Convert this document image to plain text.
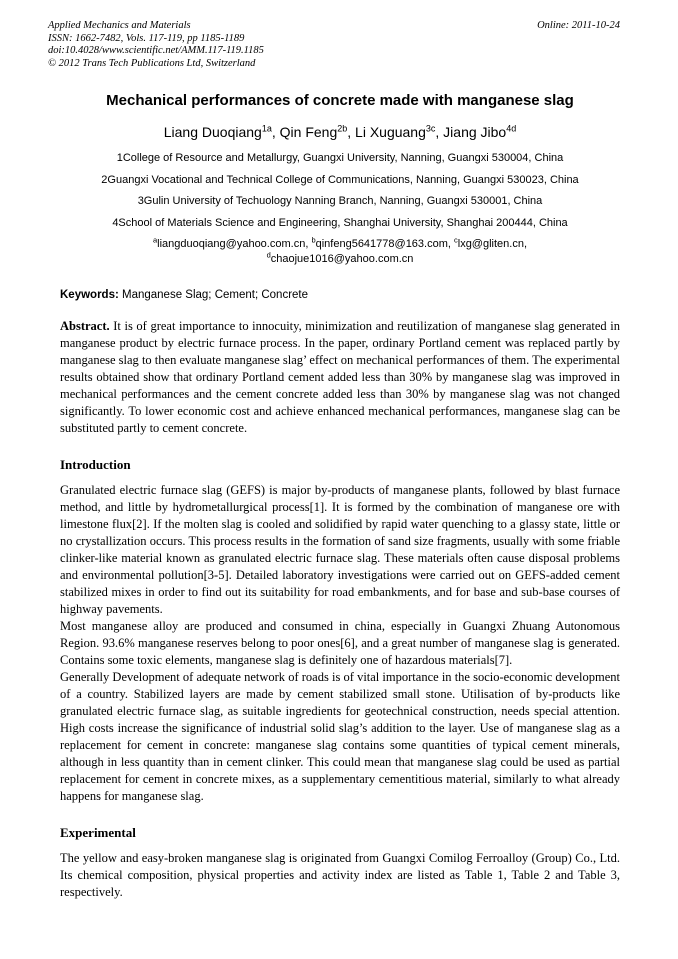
Applied Mechanics and Materials
ISSN: 1662-7482, Vols. 117-119, pp 1185-1189
doi:10.4028/www.scientific.net/AMM.117-119.1185
© 2012 Trans Tech Publications Ltd, Switzerland
Online: 2011-10-24
Mechanical performances of concrete made with manganese slag
Liang Duoqiang$^{1a}$, Qin Feng$^{2b}$, Li Xuguang$^{3c}$, Jiang Jibo$^{4d}$
1College of Resource and Metallurgy, Guangxi University, Nanning, Guangxi 530004, China
2Guangxi Vocational and Technical College of Communications, Nanning, Guangxi 530023, China
3Gulin University of Techuology Nanning Branch, Nanning, Guangxi 530001, China
4School of Materials Science and Engineering, Shanghai University, Shanghai 200444, China
$^a$liangduoqiang@yahoo.com.cn, $^b$qinfeng5641778@163.com, $^c$lxg@gliten.cn,
$^d$chaojue1016@yahoo.com.cn
Keywords: Manganese Slag; Cement; Concrete

Abstract. It is of great importance to innocuity, minimization and reutilization of manganese slag generated in manganese product by electric furnace process. In the paper, ordinary Portland cement was replaced partly by manganese slag to then evaluate manganese slag’ effect on mechanical performances of them. The experimental results obtained show that ordinary Portland cement added less than 30% by manganese slag was improved in mechanical performances and the cement concrete added less than 30% by manganese slag was not changed significantly. To lower economic cost and achieve enhanced mechanical performances, manganese slag can be substituted partly to cement concrete.

Introduction

Granulated electric furnace slag (GEFS) is major by-products of manganese plants, followed by blast furnace method, and little by hydrometallurgical process[1]. It is formed by the combination of manganese ore with limestone flux[2]. If the molten slag is cooled and solidified by rapid water quenching to a glassy state, little or no crystallization occurs. This process results in the formation of sand size fragments, usually with some friable clinker-like material known as granulated electric furnace slag. These materials often cause disposal problems and environmental pollution[3-5]. Detailed laboratory investigations were carried out on GEFS-added cement stabilized mixes in order to find out its suitability for road embankments, and for base and sub-base courses of highway pavements.

Most manganese alloy are produced and consumed in china, especially in Guangxi Zhuang Autonomous Region. 93.6% manganese reserves belong to poor ones[6], and a great number of manganese slag is generated. Contains some toxic elements, manganese slag is definitely one of hazardous materials[7].

Generally Development of adequate network of roads is of vital importance in the socio-economic development of a country. Stabilized layers are made by cement stabilized small stone. Utilisation of by-products like granulated electric furnace slag, as suitable ingredients for geotechnical construction, needs special attention. High costs increase the significance of industrial solid slag’s addition to the layer. Use of manganese slag as a replacement for cement in concrete: manganese slag contains some quantities of typical cement minerals, although in less quantity than in cement clinker. This could mean that manganese slag could be used as partial replacement for cement in concrete mixes, as a supplementary cementitious material, similarly to what already happens for manganese slag.

Experimental

The yellow and easy-broken manganese slag is originated from Guangxi Comilog Ferroalloy (Group) Co., Ltd. Its chemical composition, physical properties and activity index are listed as Table 1, Table 2 and Table 3, respectively.
